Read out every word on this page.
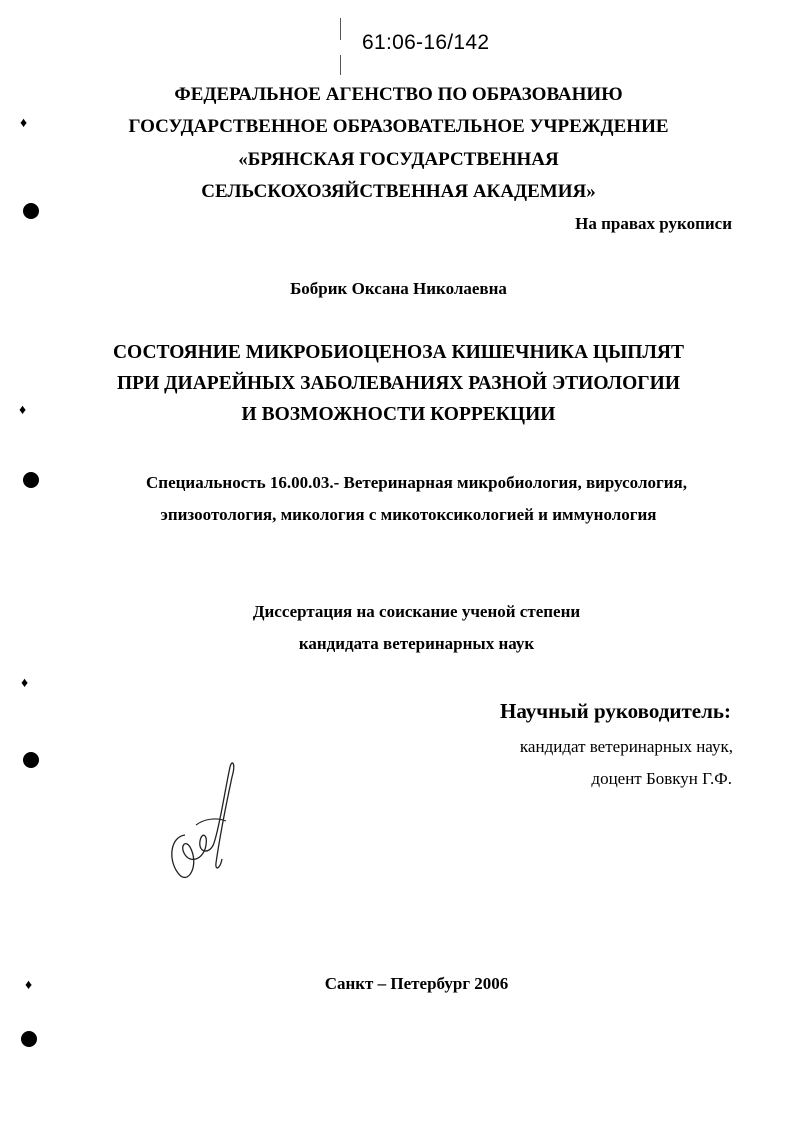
61:06-16/142
ФЕДЕРАЛЬНОЕ АГЕНСТВО ПО ОБРАЗОВАНИЮ
ГОСУДАРСТВЕННОЕ ОБРАЗОВАТЕЛЬНОЕ УЧРЕЖДЕНИЕ
«БРЯНСКАЯ ГОСУДАРСТВЕННАЯ
СЕЛЬСКОХОЗЯЙСТВЕННАЯ АКАДЕМИЯ»
На правах рукописи
Бобрик Оксана Николаевна
СОСТОЯНИЕ МИКРОБИОЦЕНОЗА КИШЕЧНИКА ЦЫПЛЯТ
ПРИ ДИАРЕЙНЫХ ЗАБОЛЕВАНИЯХ РАЗНОЙ ЭТИОЛОГИИ
И ВОЗМОЖНОСТИ КОРРЕКЦИИ
Специальность 16.00.03.- Ветеринарная микробиология, вирусология,
эпизоотология, микология с микотоксикологией и иммунология
Диссертация на соискание ученой степени
кандидата ветеринарных наук
Научный руководитель:
кандидат ветеринарных наук,
доцент Бовкун Г.Ф.
Санкт – Петербург 2006
♦
♦
♦
♦
